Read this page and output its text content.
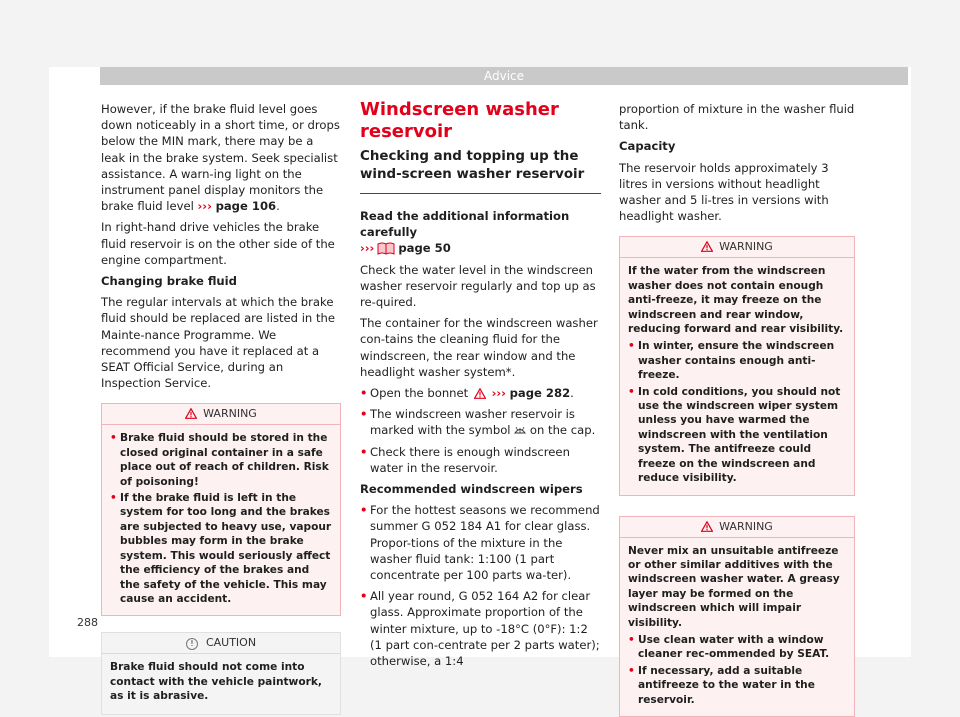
Advice

However, if the brake fluid level goes down noticeably in a short time, or drops below the MIN mark, there may be a leak in the brake system. Seek specialist assistance. A warn-ing light on the instrument panel display monitors the brake fluid level ››› page 106.

In right-hand drive vehicles the brake fluid reservoir is on the other side of the engine compartment.

Changing brake fluid

The regular intervals at which the brake fluid should be replaced are listed in the Mainte-nance Programme. We recommend you have it replaced at a SEAT Official Service, during an Inspection Service.

WARNING

• Brake fluid should be stored in the closed original container in a safe place out of reach of children. Risk of poisoning!

• If the brake fluid is left in the system for too long and the brakes are subjected to heavy use, vapour bubbles may form in the brake system. This would seriously affect the efficiency of the brakes and the safety of the vehicle. This may cause an accident.

! CAUTION

Brake fluid should not come into contact with the vehicle paintwork, as it is abrasive.

Windscreen washer reservoir

Checking and topping up the wind-screen washer reservoir

Read the additional information carefully
››› page 50

Check the water level in the windscreen washer reservoir regularly and top up as re-quired.

The container for the windscreen washer con-tains the cleaning fluid for the windscreen, the rear window and the headlight washer system*.

• Open the bonnet ››› page 282.

• The windscreen washer reservoir is marked with the symbol on the cap.

• Check there is enough windscreen water in the reservoir.

Recommended windscreen wipers

• For the hottest seasons we recommend summer G 052 184 A1 for clear glass. Propor-tions of the mixture in the washer fluid tank: 1:100 (1 part concentrate per 100 parts wa-ter).

• All year round, G 052 164 A2 for clear glass. Approximate proportion of the winter mixture, up to -18°C (0°F): 1:2 (1 part con-centrate per 2 parts water); otherwise, a 1:4

proportion of mixture in the washer fluid tank.

Capacity

The reservoir holds approximately 3 litres in versions without headlight washer and 5 li-tres in versions with headlight washer.

WARNING

If the water from the windscreen washer does not contain enough anti-freeze, it may freeze on the windscreen and rear window, reducing forward and rear visibility.

• In winter, ensure the windscreen washer contains enough anti-freeze.

• In cold conditions, you should not use the windscreen wiper system unless you have warmed the windscreen with the ventilation system. The antifreeze could freeze on the windscreen and reduce visibility.

WARNING

Never mix an unsuitable antifreeze or other similar additives with the windscreen washer water. A greasy layer may be formed on the windscreen which will impair visibility.

• Use clean water with a window cleaner rec-ommended by SEAT.

• If necessary, add a suitable antifreeze to the water in the reservoir.

288
